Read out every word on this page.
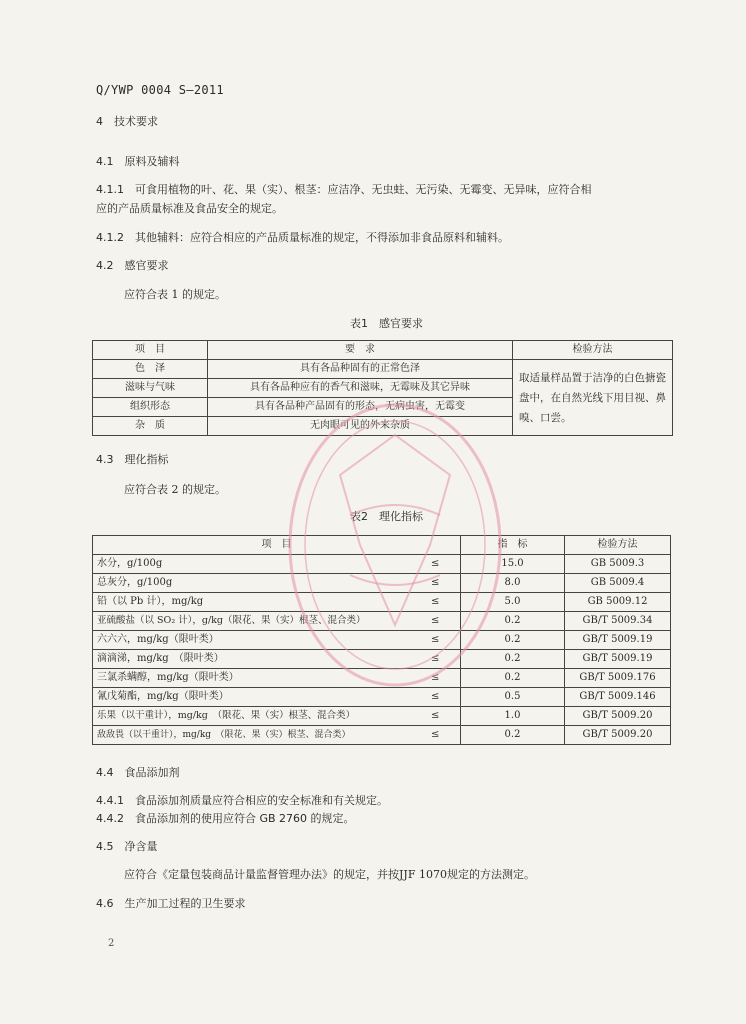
Q/YWP 0004 S—2011
4　技术要求
4.1　原料及辅料
4.1.1　可食用植物的叶、花、果（实）、根茎：应洁净、无虫蛀、无污染、无霉变、无异味，应符合相
应的产品质量标准及食品安全的规定。
4.1.2　其他辅料：应符合相应的产品质量标准的规定，不得添加非食品原料和辅料。
4.2　感官要求
应符合表 1 的规定。
表1　感官要求
项　目	要　求	检验方法
色　泽	具有各品种固有的正常色泽	取适量样品置于洁净的白色搪瓷盘中，在自然光线下用目视、鼻嗅、口尝。
滋味与气味	具有各品种应有的香气和滋味，无霉味及其它异味	
组织形态	具有各品种产品固有的形态，无病虫害，无霉变	
杂　质	无肉眼可见的外来杂质	
4.3　理化指标
应符合表 2 的规定。
表2　理化指标
项　目		指　标	检验方法
水分，g/100g	≤	15.0	GB 5009.3
总灰分，g/100g	≤	8.0	GB 5009.4
铅（以 Pb 计），mg/kg	≤	5.0	GB 5009.12
亚硫酸盐（以 SO₂ 计），g/kg（限花、果（实）根茎、混合类）	≤	0.2	GB/T 5009.34
六六六，mg/kg（限叶类）	≤	0.2	GB/T 5009.19
滴滴涕，mg/kg　（限叶类）	≤	0.2	GB/T 5009.19
三氯杀螨醇，mg/kg（限叶类）	≤	0.2	GB/T 5009.176
氰戊菊酯，mg/kg（限叶类）	≤	0.5	GB/T 5009.146
乐果（以干重计），mg/kg　（限花、果（实）根茎、混合类）	≤	1.0	GB/T 5009.20
敌敌畏（以干重计），mg/kg　（限花、果（实）根茎、混合类）	≤	0.2	GB/T 5009.20
4.4　食品添加剂
4.4.1　食品添加剂质量应符合相应的安全标准和有关规定。
4.4.2　食品添加剂的使用应符合 GB 2760 的规定。
4.5　净含量
应符合《定量包装商品计量监督管理办法》的规定，并按JJF 1070规定的方法测定。
4.6　生产加工过程的卫生要求
2
